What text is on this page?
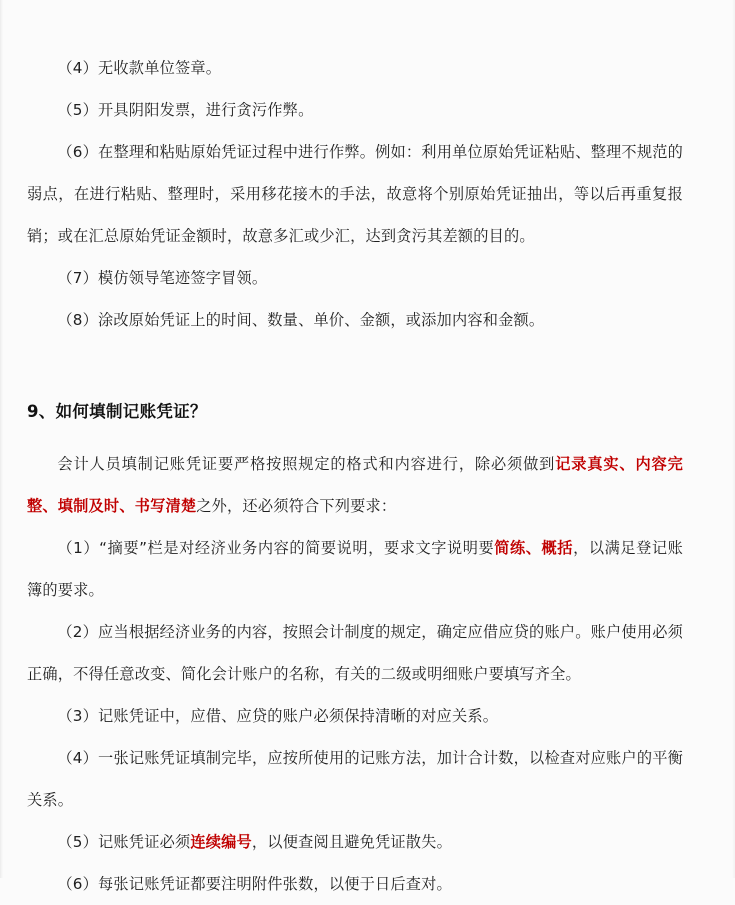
（4）无收款单位签章。

（5）开具阴阳发票，进行贪污作弊。

（6）在整理和粘贴原始凭证过程中进行作弊。例如：利用单位原始凭证粘贴、整理不规范的弱点，在进行粘贴、整理时，采用移花接木的手法，故意将个别原始凭证抽出，等以后再重复报销；或在汇总原始凭证金额时，故意多汇或少汇，达到贪污其差额的目的。

（7）模仿领导笔迹签字冒领。

（8）涂改原始凭证上的时间、数量、单价、金额，或添加内容和金额。

9、如何填制记账凭证？

会计人员填制记账凭证要严格按照规定的格式和内容进行，除必须做到记录真实、内容完整、填制及时、书写清楚之外，还必须符合下列要求：

（1）“摘要”栏是对经济业务内容的简要说明，要求文字说明要简练、概括，以满足登记账簿的要求。

（2）应当根据经济业务的内容，按照会计制度的规定，确定应借应贷的账户。账户使用必须正确，不得任意改变、简化会计账户的名称，有关的二级或明细账户要填写齐全。

（3）记账凭证中，应借、应贷的账户必须保持清晰的对应关系。

（4）一张记账凭证填制完毕，应按所使用的记账方法，加计合计数，以检查对应账户的平衡关系。

（5）记账凭证必须连续编号，以便查阅且避免凭证散失。

（6）每张记账凭证都要注明附件张数，以便于日后查对。
